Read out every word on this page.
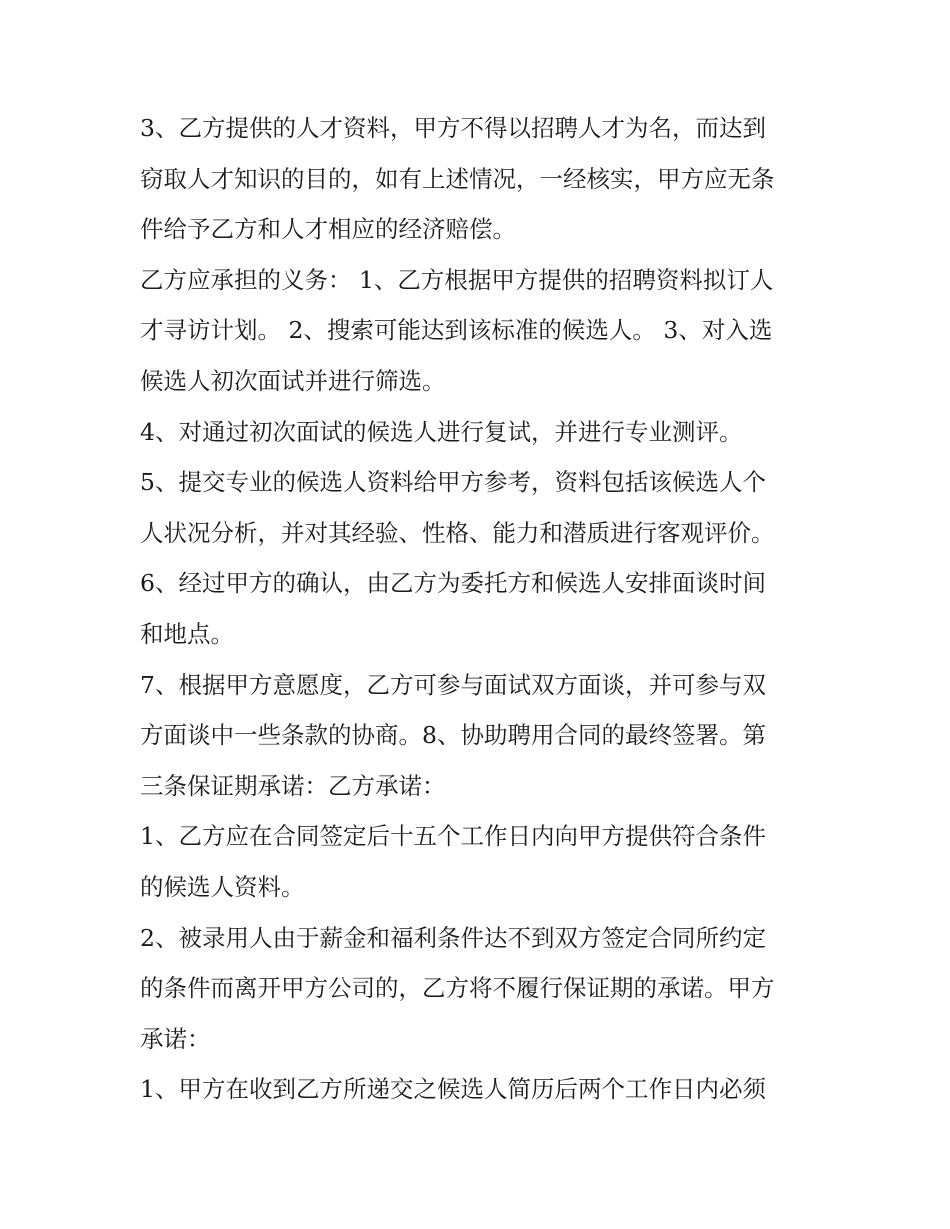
3、乙方提供的人才资料，甲方不得以招聘人才为名，而达到
窃取人才知识的目的，如有上述情况，一经核实，甲方应无条
件给予乙方和人才相应的经济赔偿。
乙方应承担的义务： 1、乙方根据甲方提供的招聘资料拟订人
才寻访计划。 2、搜索可能达到该标准的候选人。 3、对入选
候选人初次面试并进行筛选。
4、对通过初次面试的候选人进行复试，并进行专业测评。
5、提交专业的候选人资料给甲方参考，资料包括该候选人个
人状况分析，并对其经验、性格、能力和潜质进行客观评价。
6、经过甲方的确认，由乙方为委托方和候选人安排面谈时间
和地点。
7、根据甲方意愿度，乙方可参与面试双方面谈，并可参与双
方面谈中一些条款的协商。8、协助聘用合同的最终签署。第
三条保证期承诺：乙方承诺：
1、乙方应在合同签定后十五个工作日内向甲方提供符合条件
的候选人资料。
2、被录用人由于薪金和福利条件达不到双方签定合同所约定
的条件而离开甲方公司的，乙方将不履行保证期的承诺。甲方
承诺：
1、甲方在收到乙方所递交之候选人简历后两个工作日内必须
